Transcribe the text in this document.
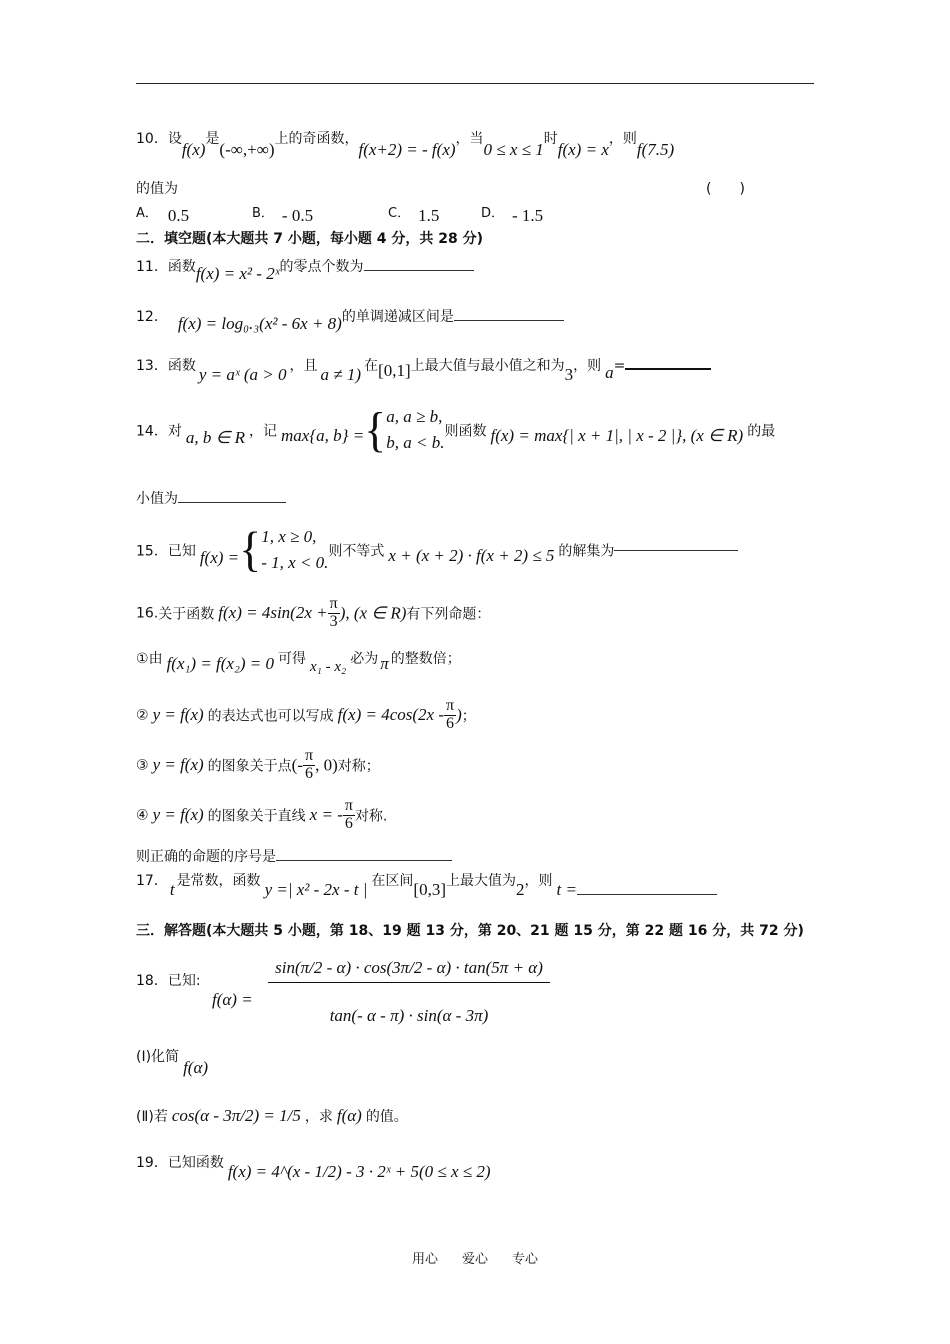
10．设f(x)是(-∞,+∞)上的奇函数，f(x+2) = - f(x)，当0 ≤ x ≤ 1时f(x) = x，则f(7.5)
的值为	(　　)
A． 0.5	B． - 0.5	C． 1.5	D． - 1.5
二．填空题(本大题共 7 小题，每小题 4 分，共 28 分)
11．函数f(x) = x² - 2ˣ的零点个数为
12． f(x) = log₀.₃(x² - 6x + 8)的单调递减区间是
13．函数 y = aˣ (a > 0 ，且 a ≠ 1) 在[0,1]上最大值与最小值之和为3，则 a=
14．对 a, b ∈ R ，记 max{a, b} ={ a, a ≥ b,
b, a < b.
则函数 f(x) = max{| x + 1|, | x - 2 |}, (x ∈ R) 的最
小值为
15．已知 f(x) ={ 1, x ≥ 0,
- 1, x < 0.
则不等式 x + (x + 2) · f(x + 2) ≤ 5 的解集为
16.关于函数 $f(x) = 4\sin(2x + \frac{\pi}{3}$ ), (x ∈ R)有下列命题：
①由 f(x₁) = f(x₂) = 0 可得 x₁ - x₂ 必为 π 的整数倍；
② y = f(x) 的表达式也可以写成 $f(x) = 4\cos(2x - \frac{\pi}{6}$ )；
③ y = f(x) 的图象关于点(- $\frac{\pi}{6}$ , 0)对称；
④ y = f(x) 的图象关于直线 x = - $\frac{\pi}{6}$ 对称.
则正确的命题的序号是
17． t 是常数，函数 y =| x² - 2x - t | 在区间[0,3]上最大值为2，则 t =
三．解答题(本大题共 5 小题，第 18、19 题 13 分，第 20、21 题 15 分，第 22 题 16 分，共 72 分)
18．已知:
f(α) =
sin(π/2 - α) · cos(3π/2 - α) · tan(5π + α)
tan(- α - π) · sin(α - 3π)
(Ⅰ)化简f(α)
(Ⅱ)若 cos(α - 3π/2) = 1/5 ，求 f(α) 的值。
19．已知函数 f(x) = 4^(x - 1/2) - 3 · 2ˣ + 5(0 ≤ x ≤ 2)
用心 爱心 专心
